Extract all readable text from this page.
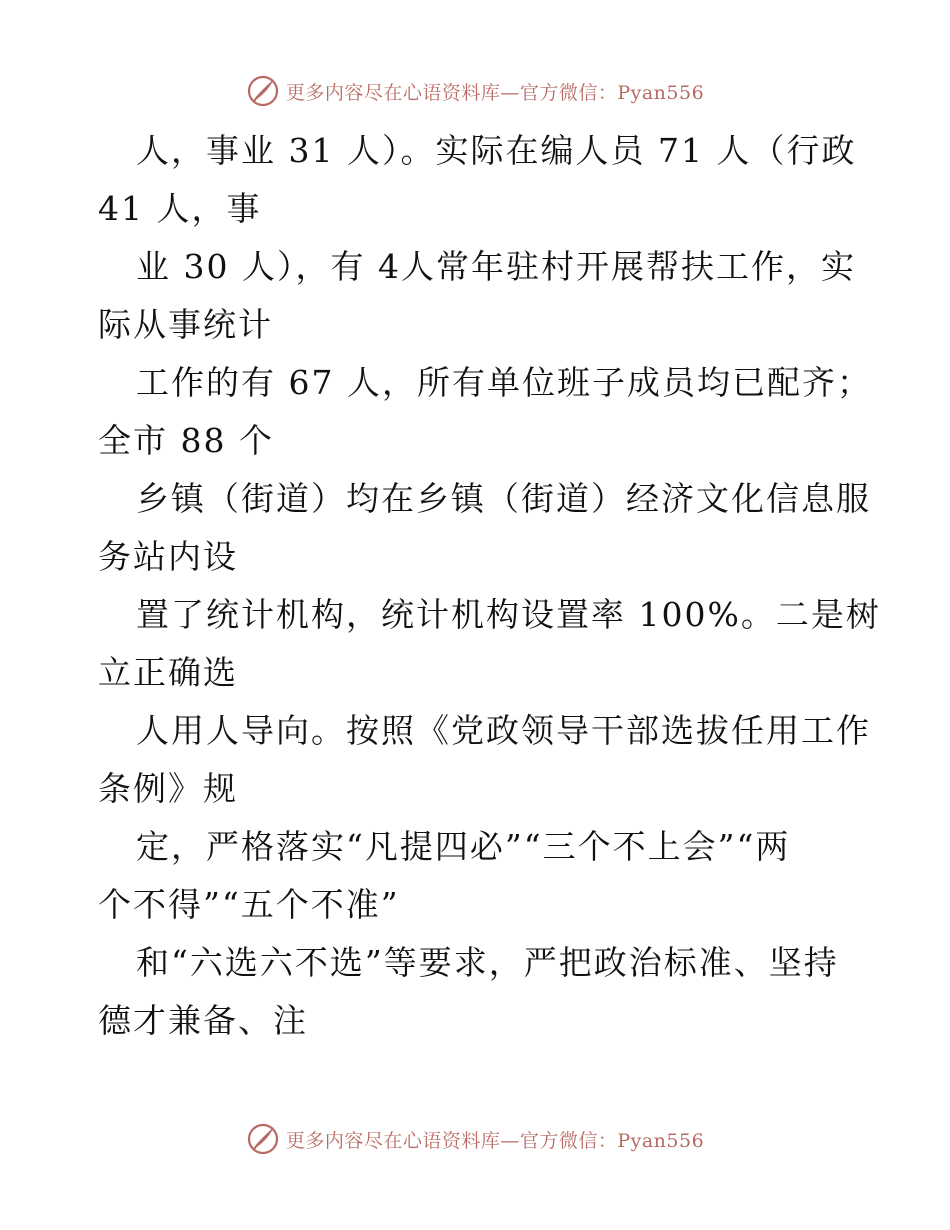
更多内容尽在心语资料库—官方微信：Pyan556
人，事业 31 人）。实际在编人员 71 人（行政
41 人，事
业 30 人），有 4人常年驻村开展帮扶工作，实
际从事统计
工作的有 67 人，所有单位班子成员均已配齐；
全市 88 个
乡镇（街道）均在乡镇（街道）经济文化信息服
务站内设
置了统计机构，统计机构设置率 100%。二是树
立正确选
人用人导向。按照《党政领导干部选拔任用工作
条例》规
定，严格落实“凡提四必”“三个不上会”“两
个不得”“五个不准”
和“六选六不选”等要求，严把政治标准、坚持
德才兼备、注
更多内容尽在心语资料库—官方微信：Pyan556
